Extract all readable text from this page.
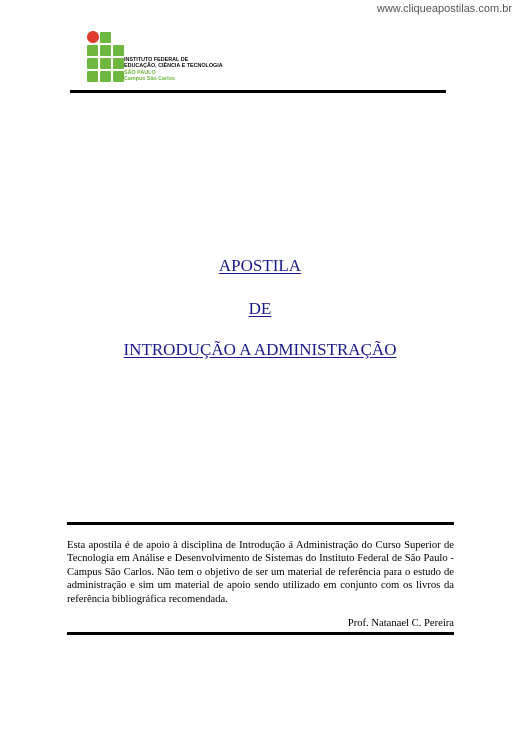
www.cliqueapostilas.com.br
INSTITUTO FEDERAL DE
EDUCAÇÃO, CIÊNCIA E TECNOLOGIA
SÃO PAULO
Campus São Carlos
APOSTILA
DE
INTRODUÇÃO A ADMINISTRAÇÃO
Esta apostila é de apoio à disciplina de Introdução á Administração do Curso Superior de Tecnologia em Análise e Desenvolvimento de Sistemas do Instituto Federal de São Paulo - Campus São Carlos. Não tem o objetivo de ser um material de referência para o estudo de administração e sim um material de apoio sendo utilizado em conjunto com os livros da referência bibliográfica recomendada.
Prof. Natanael C. Pereira
